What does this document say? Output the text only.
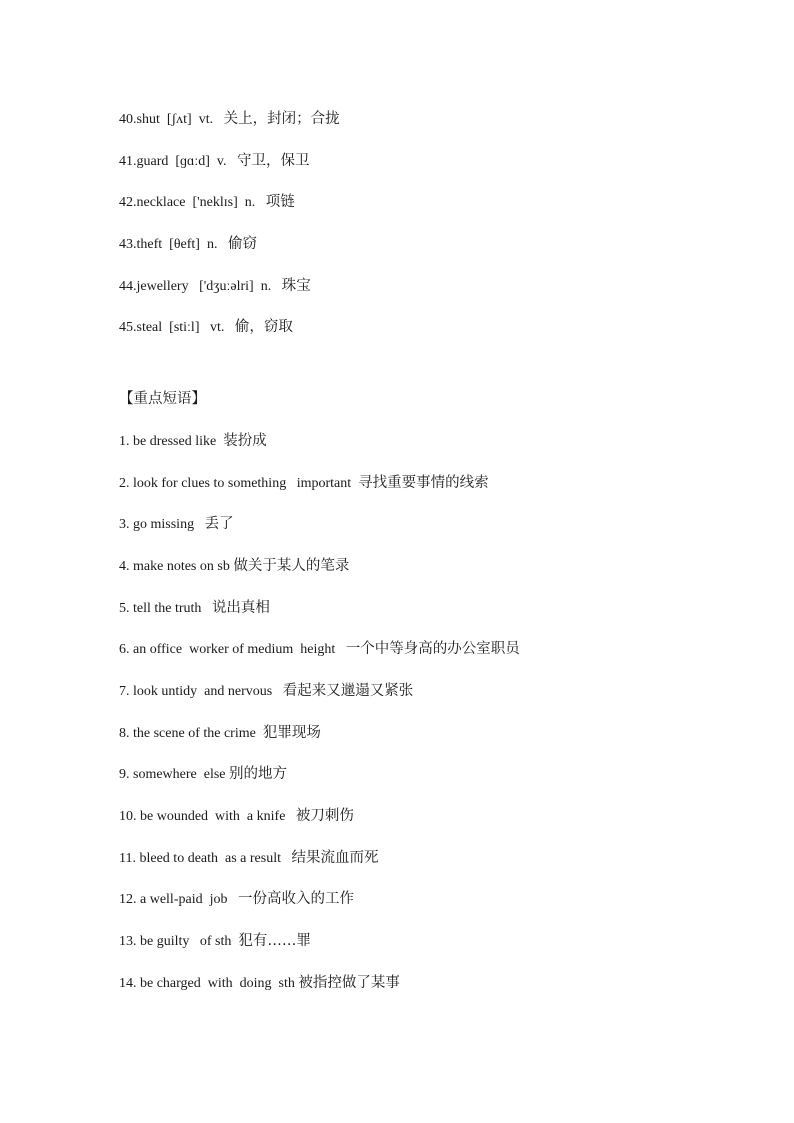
40.shut  [ʃʌt]  vt.   关上，封闭；合拢
41.guard  [ɡɑːd]  v.   守卫，保卫
42.necklace  ['neklɪs]  n.   项链
43.theft  [θeft]  n.   偷窃
44.jewellery   ['dʒuːəlri]  n.   珠宝
45.steal  [stiːl]   vt.   偷，窃取
【重点短语】
1. be dressed like  装扮成
2. look for clues to something   important  寻找重要事情的线索
3. go missing   丢了
4. make notes on sb 做关于某人的笔录
5. tell the truth   说出真相
6. an office  worker of medium  height   一个中等身高的办公室职员
7. look untidy  and nervous   看起来又邋遢又紧张
8. the scene of the crime  犯罪现场
9. somewhere  else 别的地方
10. be wounded  with  a knife   被刀刺伤
11. bleed to death  as a result   结果流血而死
12. a well-paid  job   一份高收入的工作
13. be guilty   of sth  犯有……罪
14. be charged  with  doing  sth 被指控做了某事
